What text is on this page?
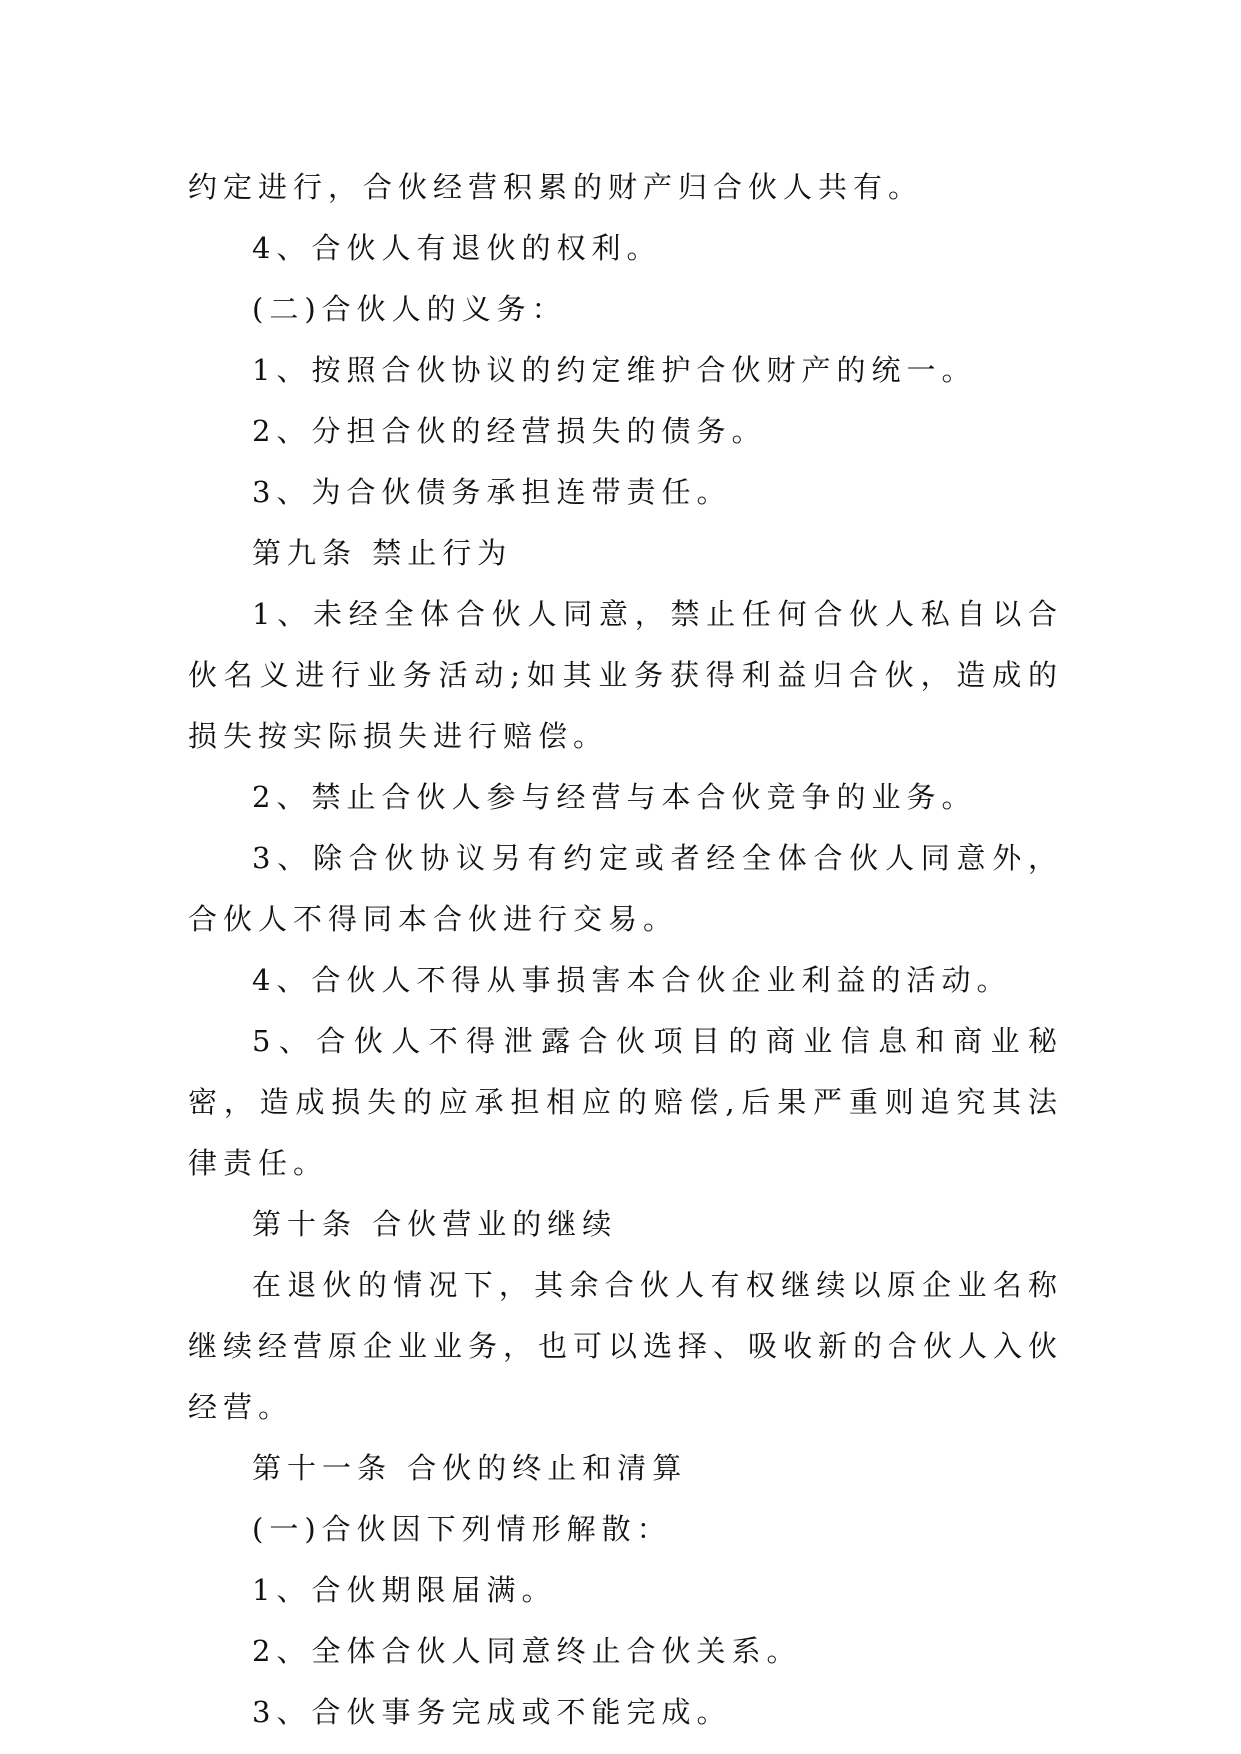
约定进行，合伙经营积累的财产归合伙人共有。

4、合伙人有退伙的权利。

(二)合伙人的义务：

1、按照合伙协议的约定维护合伙财产的统一。

2、分担合伙的经营损失的债务。

3、为合伙债务承担连带责任。

第九条 禁止行为

1、未经全体合伙人同意，禁止任何合伙人私自以合伙名义进行业务活动;如其业务获得利益归合伙，造成的损失按实际损失进行赔偿。

2、禁止合伙人参与经营与本合伙竞争的业务。

3、除合伙协议另有约定或者经全体合伙人同意外，合伙人不得同本合伙进行交易。

4、合伙人不得从事损害本合伙企业利益的活动。

5、合伙人不得泄露合伙项目的商业信息和商业秘密，造成损失的应承担相应的赔偿,后果严重则追究其法律责任。

第十条 合伙营业的继续

在退伙的情况下，其余合伙人有权继续以原企业名称继续经营原企业业务，也可以选择、吸收新的合伙人入伙经营。

第十一条 合伙的终止和清算

(一)合伙因下列情形解散：

1、合伙期限届满。

2、全体合伙人同意终止合伙关系。

3、合伙事务完成或不能完成。
